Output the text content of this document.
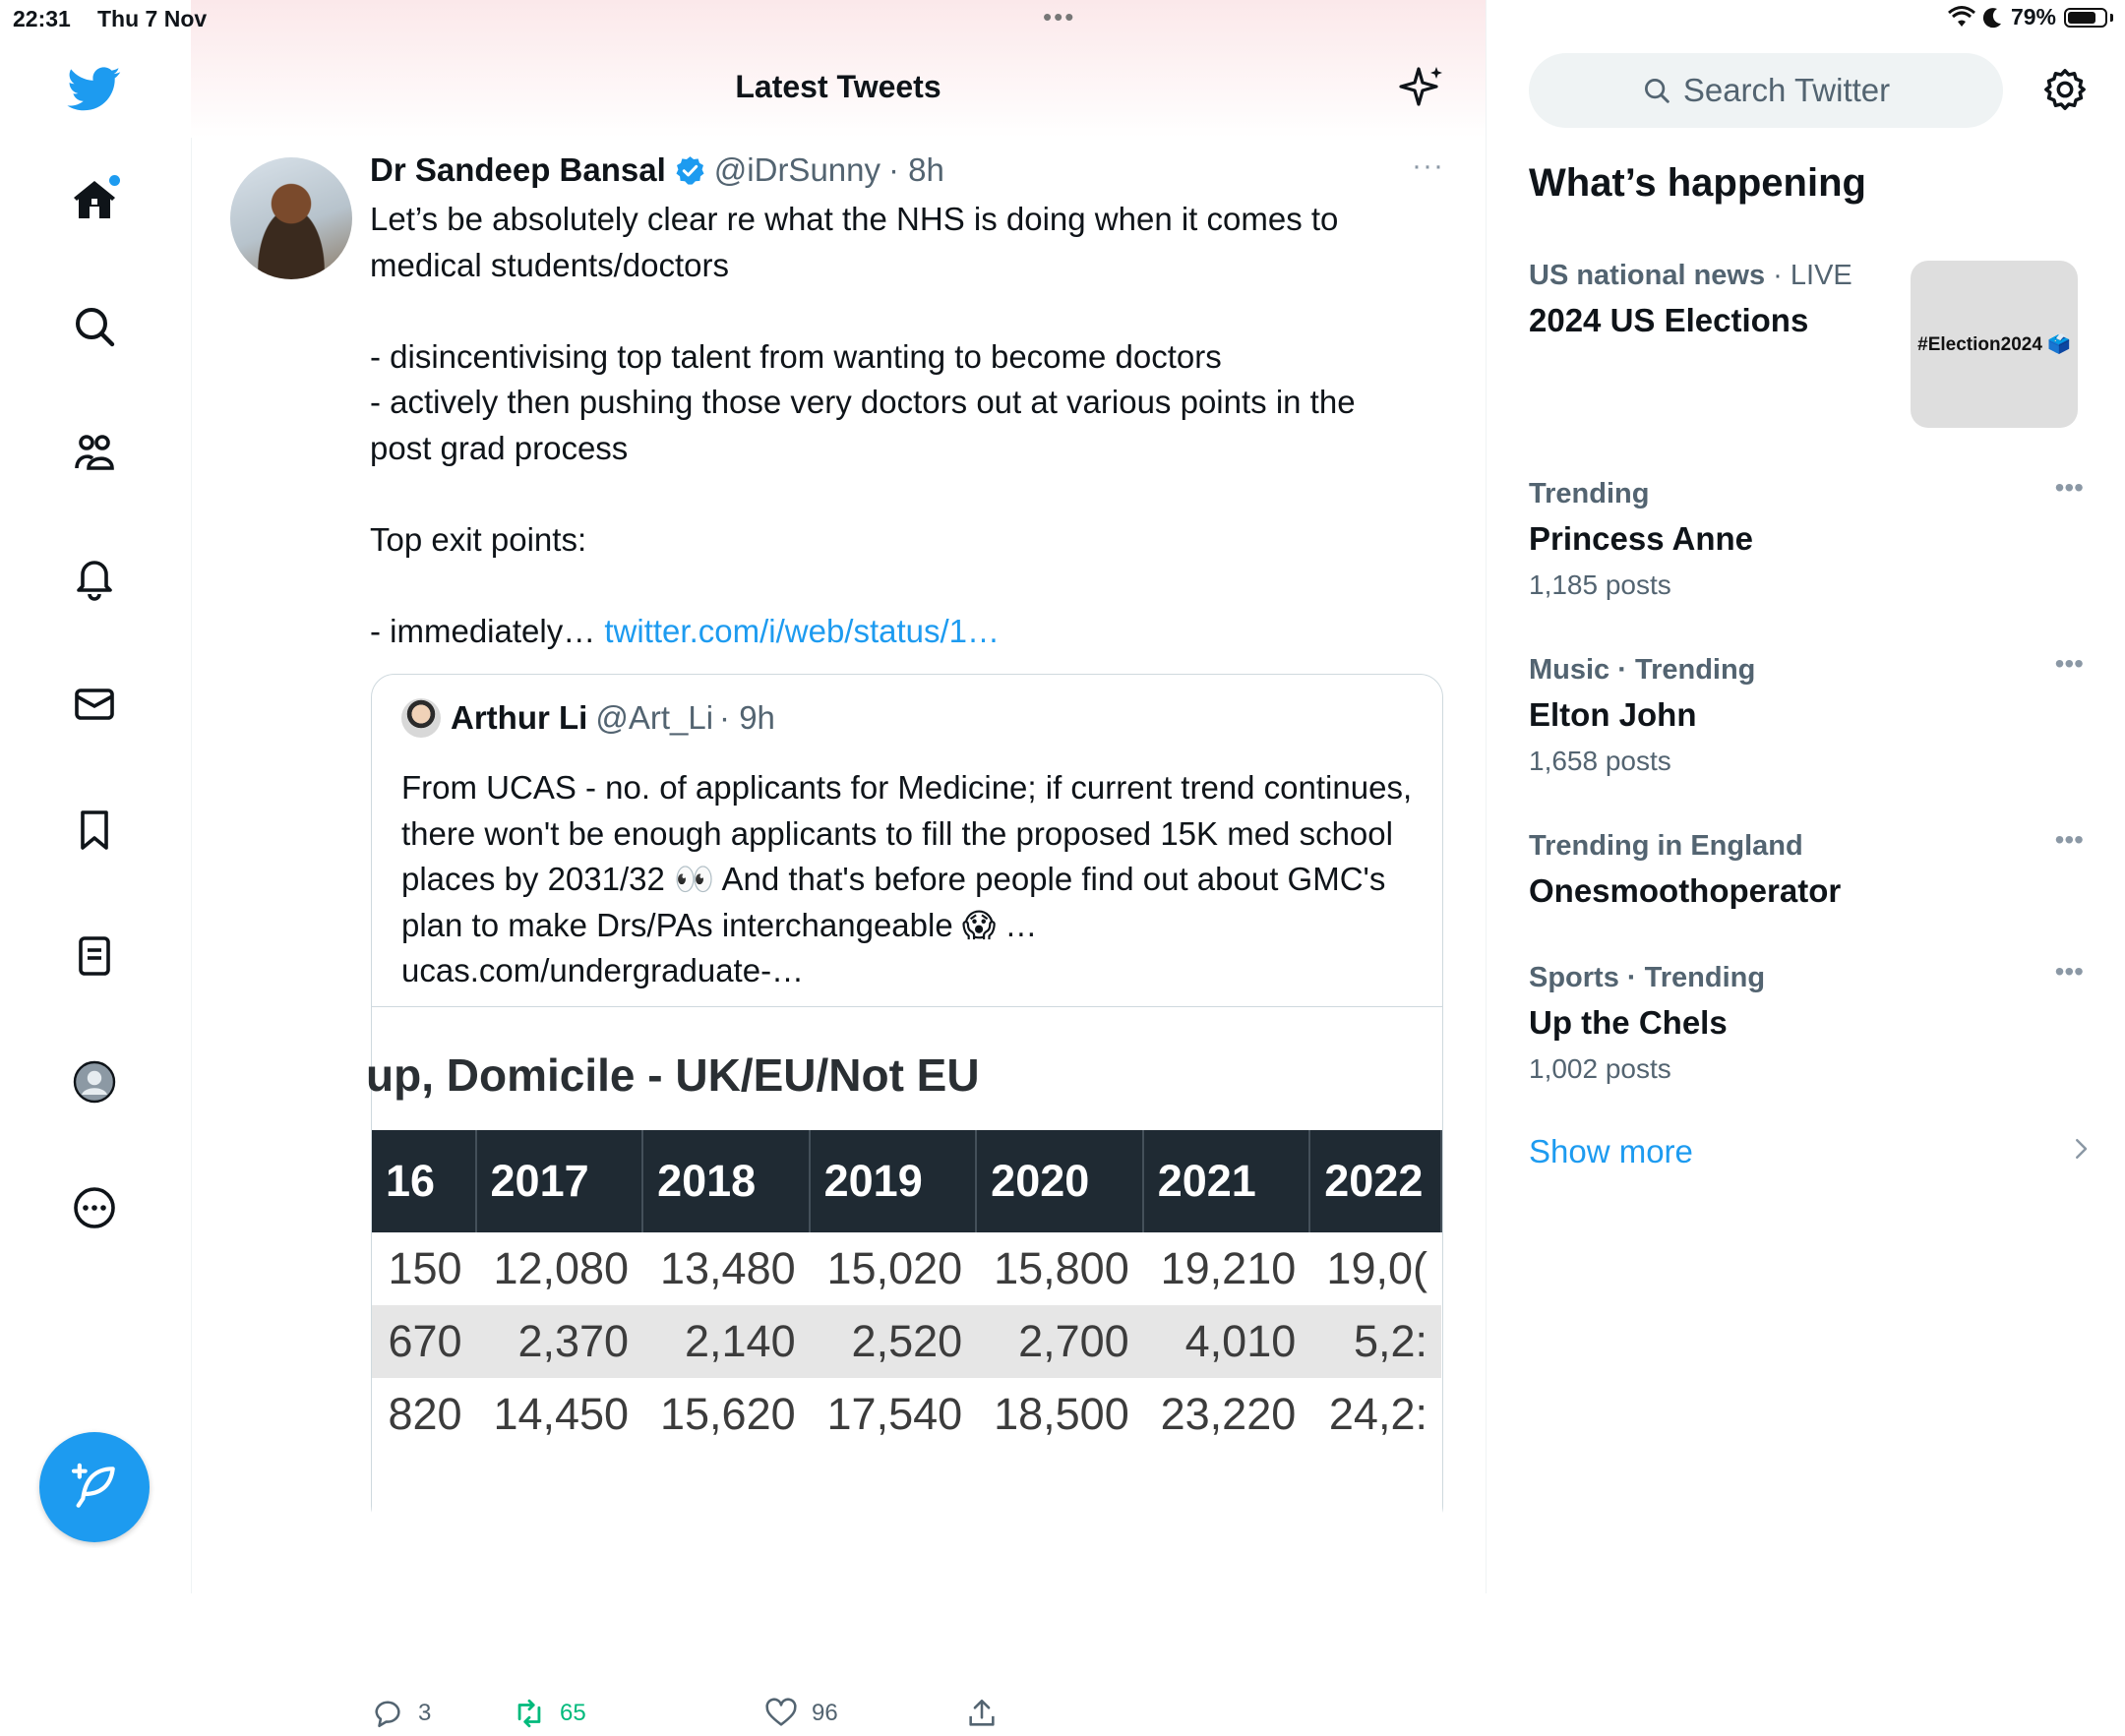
22:31 Thu 7 Nov	•••	79%
Latest Tweets
Dr Sandeep Bansal @iDrSunny · 8h	···
Let’s be absolutely clear re what the NHS is doing when it comes to medical students/doctors

- disincentivising top talent from wanting to become doctors
- actively then pushing those very doctors out at various points in the post grad process

Top exit points:

- immediately… twitter.com/i/web/status/1…
Arthur Li @Art_Li · 9h
From UCAS - no. of applicants for Medicine; if current trend continues, there won't be enough applicants to fill the proposed 15K med school places by 2031/32 👀 And that's before people find out about GMC's plan to make Drs/PAs interchangeable 😱 … ucas.com/undergraduate-…
up, Domicile - UK/EU/Not EU
16	2017	2018	2019	2020	2021	2022
150	12,080	13,480	15,020	15,800	19,210	19,0(
670	2,370	2,140	2,520	2,700	4,010	5,2:
820	14,450	15,620	17,540	18,500	23,220	24,2:
3	65	96
Search Twitter
What’s happening
US national news · LIVE
2024 US Elections
Trending
Princess Anne
1,185 posts
•••
Music · Trending
Elton John
1,658 posts
•••
Trending in England
Onesmoothoperator
•••
Sports · Trending
Up the Chels
1,002 posts
•••
Show more
#Election2024 🗳️
